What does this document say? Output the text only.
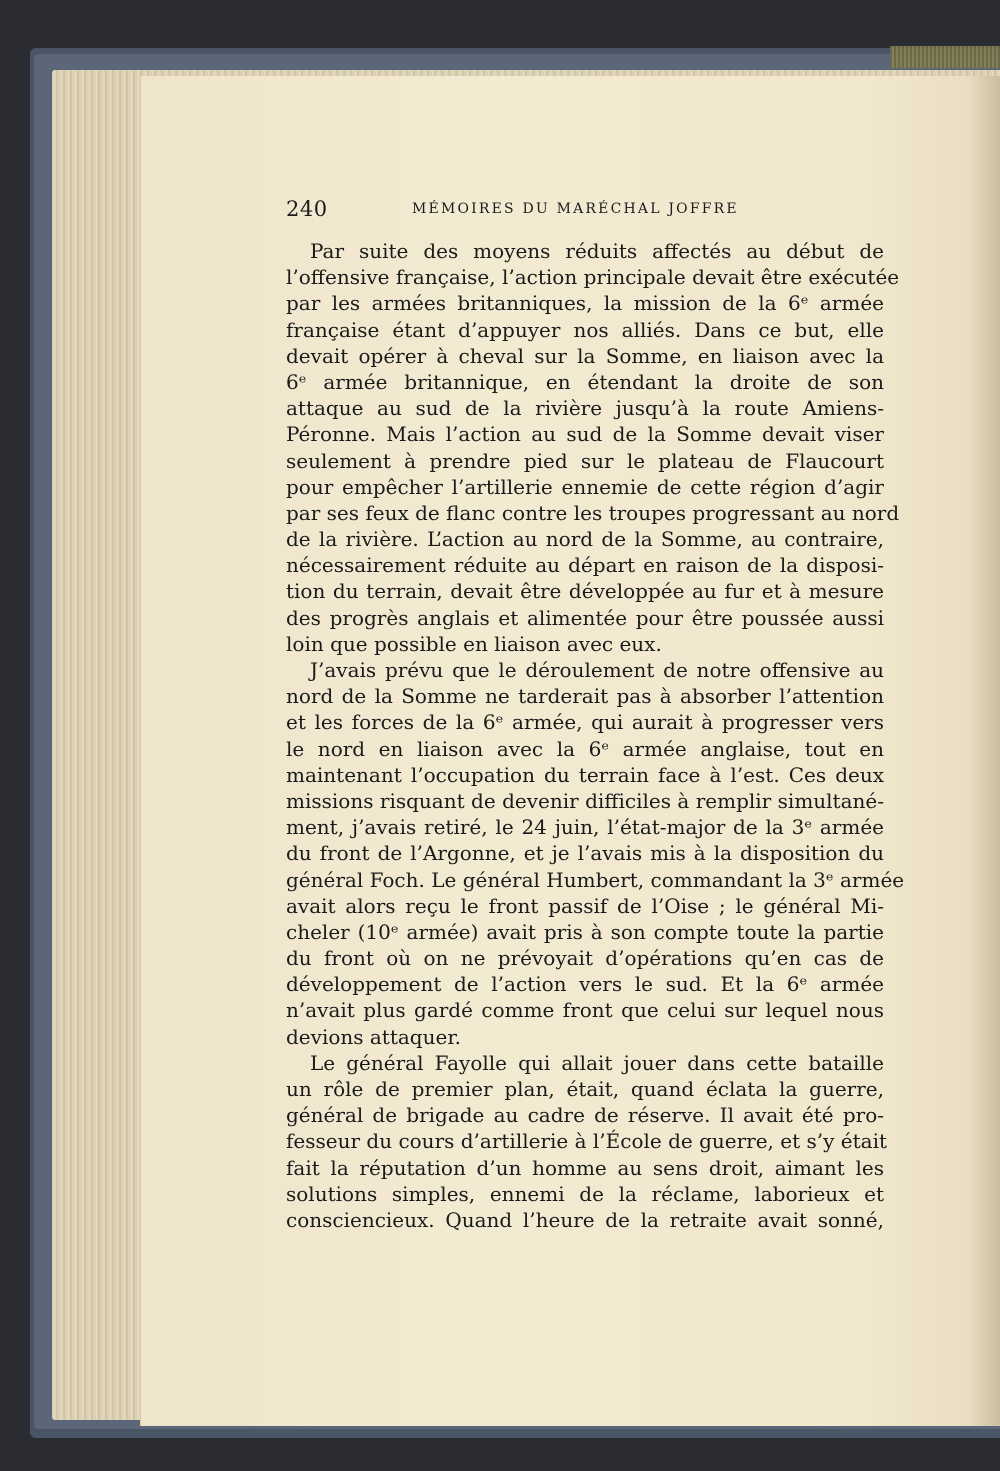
240	MÉMOIRES DU MARÉCHAL JOFFRE
Par suite des moyens réduits affectés au début de
l’offensive française, l’action principale devait être exécutée
par les armées britanniques, la mission de la 6ᵉ armée
française étant d’appuyer nos alliés. Dans ce but, elle
devait opérer à cheval sur la Somme, en liaison avec la
6ᵉ armée britannique, en étendant la droite de son
attaque au sud de la rivière jusqu’à la route Amiens-
Péronne. Mais l’action au sud de la Somme devait viser
seulement à prendre pied sur le plateau de Flaucourt
pour empêcher l’artillerie ennemie de cette région d’agir
par ses feux de flanc contre les troupes progressant au nord
de la rivière. L’action au nord de la Somme, au contraire,
nécessairement réduite au départ en raison de la disposi-
tion du terrain, devait être développée au fur et à mesure
des progrès anglais et alimentée pour être poussée aussi
loin que possible en liaison avec eux.
J’avais prévu que le déroulement de notre offensive au
nord de la Somme ne tarderait pas à absorber l’attention
et les forces de la 6ᵉ armée, qui aurait à progresser vers
le nord en liaison avec la 6ᵉ armée anglaise, tout en
maintenant l’occupation du terrain face à l’est. Ces deux
missions risquant de devenir difficiles à remplir simultané-
ment, j’avais retiré, le 24 juin, l’état-major de la 3ᵉ armée
du front de l’Argonne, et je l’avais mis à la disposition du
général Foch. Le général Humbert, commandant la 3ᵉ armée
avait alors reçu le front passif de l’Oise ; le général Mi-
cheler (10ᵉ armée) avait pris à son compte toute la partie
du front où on ne prévoyait d’opérations qu’en cas de
développement de l’action vers le sud. Et la 6ᵉ armée
n’avait plus gardé comme front que celui sur lequel nous
devions attaquer.
Le général Fayolle qui allait jouer dans cette bataille
un rôle de premier plan, était, quand éclata la guerre,
général de brigade au cadre de réserve. Il avait été pro-
fesseur du cours d’artillerie à l’École de guerre, et s’y était
fait la réputation d’un homme au sens droit, aimant les
solutions simples, ennemi de la réclame, laborieux et
consciencieux. Quand l’heure de la retraite avait sonné,
